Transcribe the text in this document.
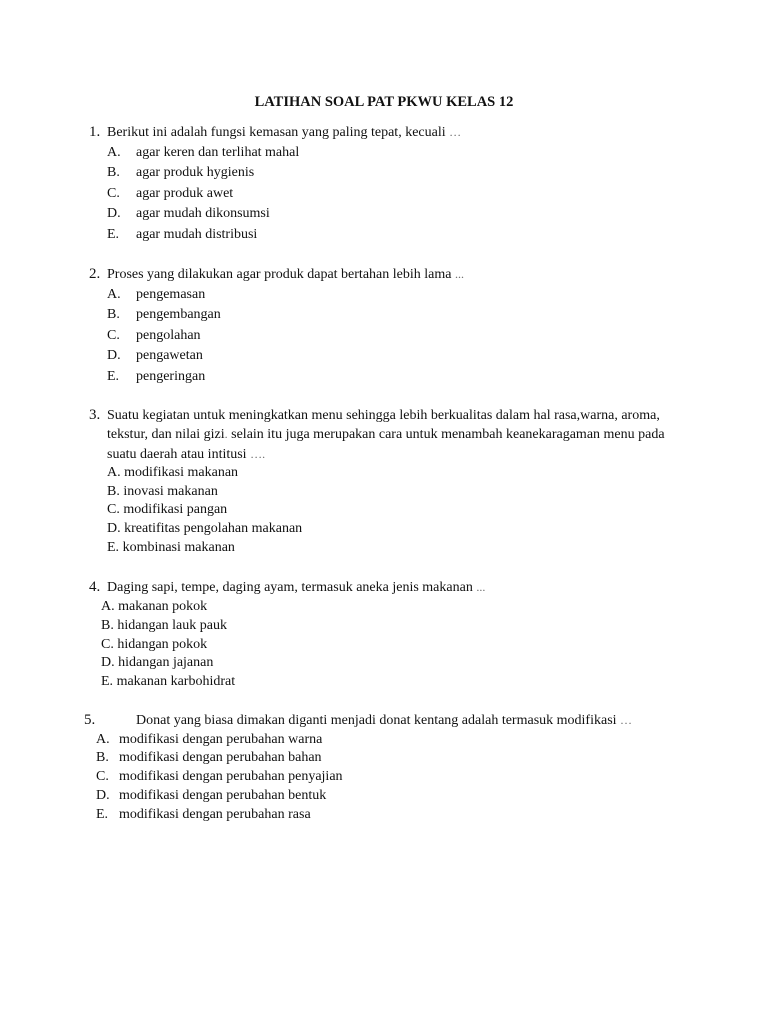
LATIHAN SOAL PAT PKWU KELAS 12
1. Berikut ini adalah fungsi kemasan yang paling tepat, kecuali …
A. agar keren dan terlihat mahal
B. agar produk hygienis
C. agar produk awet
D. agar mudah dikonsumsi
E. agar mudah distribusi
2. Proses yang dilakukan agar produk dapat bertahan lebih lama ...
A. pengemasan
B. pengembangan
C. pengolahan
D. pengawetan
E. pengeringan
3. Suatu kegiatan untuk meningkatkan menu sehingga lebih berkualitas dalam hal rasa,warna, aroma, tekstur, dan nilai gizi. selain itu juga merupakan cara untuk menambah keanekaragaman menu pada suatu daerah atau intitusi ….
A. modifikasi makanan
B. inovasi makanan
C. modifikasi pangan
D. kreatifitas pengolahan makanan
E. kombinasi makanan
4. Daging sapi, tempe, daging ayam, termasuk aneka jenis makanan ...
A. makanan pokok
B. hidangan lauk pauk
C. hidangan pokok
D. hidangan jajanan
E. makanan karbohidrat
5.	Donat yang biasa dimakan diganti menjadi donat kentang adalah termasuk modifikasi …
A. modifikasi dengan perubahan warna
B. modifikasi dengan perubahan bahan
C. modifikasi dengan perubahan penyajian
D. modifikasi dengan perubahan bentuk
E. modifikasi dengan perubahan rasa
